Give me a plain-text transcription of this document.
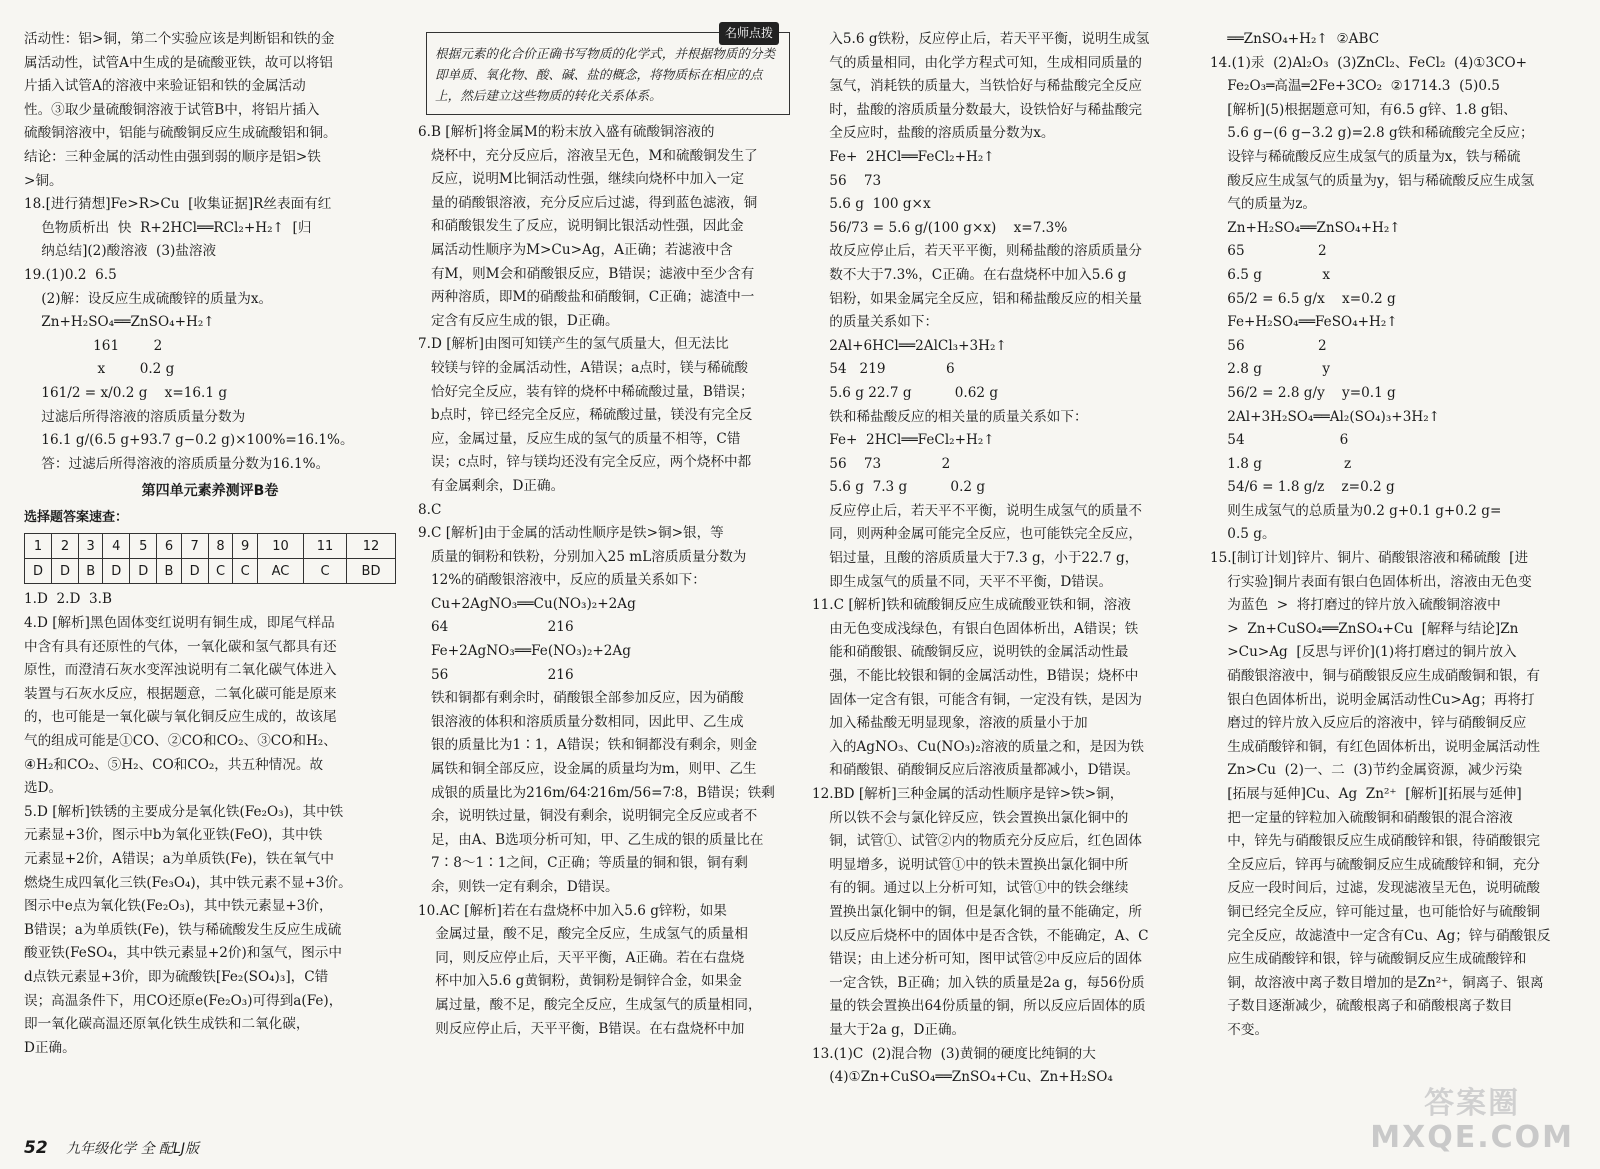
活动性：铝>铜，第二个实验应该是判断铝和铁的金

属活动性，试管A中生成的是硫酸亚铁，故可以将铝

片插入试管A的溶液中来验证铝和铁的金属活动

性。③取少量硫酸铜溶液于试管B中，将铝片插入

硫酸铜溶液中，铝能与硫酸铜反应生成硫酸铝和铜。

结论：三种金属的活动性由强到弱的顺序是铝>铁

>铜。

18.[进行猜想]Fe>R>Cu  [收集证据]R丝表面有红

色物质析出  快  R+2HCl══RCl₂+H₂↑  [归

纳总结](2)酸溶液  (3)盐溶液

19.(1)0.2  6.5

(2)解：设反应生成硫酸锌的质量为x。

Zn+H₂SO₄══ZnSO₄+H₂↑

161        2

x        0.2 g

161/2 = x/0.2 g    x=16.1 g

过滤后所得溶液的溶质质量分数为

16.1 g/(6.5 g+93.7 g−0.2 g)×100%=16.1%。

答：过滤后所得溶液的溶质质量分数为16.1%。

第四单元素养测评B卷
选择题答案速查：
1	2	3	4	5	6	7	8	9	10	11	12
D	D	B	D	D	B	D	C	C	AC	C	BD

1.D  2.D  3.B

4.D [解析]黑色固体变红说明有铜生成，即尾气样品

中含有具有还原性的气体，一氧化碳和氢气都具有还

原性，而澄清石灰水变浑浊说明有二氧化碳气体进入

装置与石灰水反应，根据题意，二氧化碳可能是原来

的，也可能是一氧化碳与氧化铜反应生成的，故该尾

气的组成可能是①CO、②CO和CO₂、③CO和H₂、

④H₂和CO₂、⑤H₂、CO和CO₂，共五种情况。故

选D。

5.D [解析]铁锈的主要成分是氧化铁(Fe₂O₃)，其中铁

元素显+3价，图示中b为氧化亚铁(FeO)，其中铁

元素显+2价，A错误；a为单质铁(Fe)，铁在氧气中

燃烧生成四氧化三铁(Fe₃O₄)，其中铁元素不显+3价。

图示中e点为氧化铁(Fe₂O₃)，其中铁元素显+3价，

B错误；a为单质铁(Fe)，铁与稀硫酸发生反应生成硫

酸亚铁(FeSO₄，其中铁元素显+2价)和氢气，图示中

d点铁元素显+3价，即为硫酸铁[Fe₂(SO₄)₃]，C错

误；高温条件下，用CO还原e(Fe₂O₃)可得到a(Fe)，

即一氧化碳高温还原氧化铁生成铁和二氧化碳，

D正确。

名师点拨
根据元素的化合价正确书写物质的化学式，并根据物质的分类即单质、氧化物、酸、碱、盐的概念，将物质标在相应的点上，然后建立这些物质的转化关系体系。

6.B [解析]将金属M的粉末放入盛有硫酸铜溶液的

烧杯中，充分反应后，溶液呈无色，M和硫酸铜发生了

反应，说明M比铜活动性强，继续向烧杯中加入一定

量的硝酸银溶液，充分反应后过滤，得到蓝色滤液，铜

和硝酸银发生了反应，说明铜比银活动性强，因此金

属活动性顺序为M>Cu>Ag，A正确；若滤液中含

有M，则M会和硝酸银反应，B错误；滤液中至少含有

两种溶质，即M的硝酸盐和硝酸铜，C正确；滤渣中一

定含有反应生成的银，D正确。

7.D [解析]由图可知镁产生的氢气质量大，但无法比

较镁与锌的金属活动性，A错误；a点时，镁与稀硫酸

恰好完全反应，装有锌的烧杯中稀硫酸过量，B错误；

b点时，锌已经完全反应，稀硫酸过量，镁没有完全反

应，金属过量，反应生成的氢气的质量不相等，C错

误；c点时，锌与镁均还没有完全反应，两个烧杯中都

有金属剩余，D正确。

8.C

9.C [解析]由于金属的活动性顺序是铁>铜>银，等

质量的铜粉和铁粉，分别加入25 mL溶质质量分数为

12%的硝酸银溶液中，反应的质量关系如下：

Cu+2AgNO₃══Cu(NO₃)₂+2Ag

64                       216

Fe+2AgNO₃══Fe(NO₃)₂+2Ag

56                       216

铁和铜都有剩余时，硝酸银全部参加反应，因为硝酸

银溶液的体积和溶质质量分数相同，因此甲、乙生成

银的质量比为1∶1，A错误；铁和铜都没有剩余，则金

属铁和铜全部反应，设金属的质量均为m，则甲、乙生

成银的质量比为216m/64∶216m/56=7∶8，B错误；铁剩

余，说明铁过量，铜没有剩余，说明铜完全反应或者不

足，由A、B选项分析可知，甲、乙生成的银的质量比在

7∶8～1∶1之间，C正确；等质量的铜和银，铜有剩

余，则铁一定有剩余，D错误。

10.AC [解析]若在右盘烧杯中加入5.6 g锌粉，如果

金属过量，酸不足，酸完全反应，生成氢气的质量相

同，则反应停止后，天平平衡，A正确。若在右盘烧

杯中加入5.6 g黄铜粉，黄铜粉是铜锌合金，如果金

属过量，酸不足，酸完全反应，生成氢气的质量相同，

则反应停止后，天平平衡，B错误。在右盘烧杯中加

入5.6 g铁粉，反应停止后，若天平平衡，说明生成氢

气的质量相同，由化学方程式可知，生成相同质量的

氢气，消耗铁的质量大，当铁恰好与稀盐酸完全反应

时，盐酸的溶质质量分数最大，设铁恰好与稀盐酸完

全反应时，盐酸的溶质质量分数为x。

Fe+  2HCl══FeCl₂+H₂↑

56    73

5.6 g  100 g×x

56/73 = 5.6 g/(100 g×x)    x=7.3%

故反应停止后，若天平平衡，则稀盐酸的溶质质量分

数不大于7.3%，C正确。在右盘烧杯中加入5.6 g

铝粉，如果金属完全反应，铝和稀盐酸反应的相关量

的质量关系如下：

2Al+6HCl══2AlCl₃+3H₂↑

54   219              6

5.6 g 22.7 g          0.62 g

铁和稀盐酸反应的相关量的质量关系如下：

Fe+  2HCl══FeCl₂+H₂↑

56    73              2

5.6 g  7.3 g          0.2 g

反应停止后，若天平不平衡，说明生成氢气的质量不

同，则两种金属可能完全反应，也可能铁完全反应，

铝过量，且酸的溶质质量大于7.3 g，小于22.7 g，

即生成氢气的质量不同，天平不平衡，D错误。

11.C [解析]铁和硫酸铜反应生成硫酸亚铁和铜，溶液

由无色变成浅绿色，有银白色固体析出，A错误；铁

能和硝酸银、硫酸铜反应，说明铁的金属活动性最

强，不能比较银和铜的金属活动性，B错误；烧杯中

固体一定含有银，可能含有铜，一定没有铁，是因为

加入稀盐酸无明显现象，溶液的质量小于加

入的AgNO₃、Cu(NO₃)₂溶液的质量之和，是因为铁

和硝酸银、硝酸铜反应后溶液质量都减小，D错误。

12.BD [解析]三种金属的活动性顺序是锌>铁>铜，

所以铁不会与氯化锌反应，铁会置换出氯化铜中的

铜，试管①、试管②内的物质充分反应后，红色固体

明显增多，说明试管①中的铁未置换出氯化铜中所

有的铜。通过以上分析可知，试管①中的铁会继续

置换出氯化铜中的铜，但是氯化铜的量不能确定，所

以反应后烧杯中的固体中是否含铁，不能确定，A、C

错误；由上述分析可知，图甲试管②中反应后的固体

一定含铁，B正确；加入铁的质量是2a g，每56份质

量的铁会置换出64份质量的铜，所以反应后固体的质

量大于2a g，D正确。

13.(1)C  (2)混合物  (3)黄铜的硬度比纯铜的大

(4)①Zn+CuSO₄══ZnSO₄+Cu、Zn+H₂SO₄

══ZnSO₄+H₂↑  ②ABC

14.(1)汞  (2)Al₂O₃  (3)ZnCl₂、FeCl₂  (4)①3CO+

Fe₂O₃═高温═2Fe+3CO₂  ②1714.3  (5)0.5

[解析](5)根据题意可知，有6.5 g锌、1.8 g铝、

5.6 g−(6 g−3.2 g)=2.8 g铁和稀硫酸完全反应；

设锌与稀硫酸反应生成氢气的质量为x，铁与稀硫

酸反应生成氢气的质量为y，铝与稀硫酸反应生成氢

气的质量为z。

Zn+H₂SO₄══ZnSO₄+H₂↑

65                 2

6.5 g              x

65/2 = 6.5 g/x    x=0.2 g

Fe+H₂SO₄══FeSO₄+H₂↑

56                 2

2.8 g              y

56/2 = 2.8 g/y    y=0.1 g

2Al+3H₂SO₄══Al₂(SO₄)₃+3H₂↑

54                      6

1.8 g                   z

54/6 = 1.8 g/z    z=0.2 g

则生成氢气的总质量为0.2 g+0.1 g+0.2 g=

0.5 g。

15.[制订计划]锌片、铜片、硝酸银溶液和稀硫酸  [进

行实验]铜片表面有银白色固体析出，溶液由无色变

为蓝色  >  将打磨过的锌片放入硫酸铜溶液中

>  Zn+CuSO₄══ZnSO₄+Cu  [解释与结论]Zn

>Cu>Ag  [反思与评价](1)将打磨过的铜片放入

硝酸银溶液中，铜与硝酸银反应生成硝酸铜和银，有

银白色固体析出，说明金属活动性Cu>Ag；再将打

磨过的锌片放入反应后的溶液中，锌与硝酸铜反应

生成硝酸锌和铜，有红色固体析出，说明金属活动性

Zn>Cu  (2)一、二  (3)节约金属资源，减少污染

[拓展与延伸]Cu、Ag  Zn²⁺  [解析][拓展与延伸]

把一定量的锌粒加入硫酸铜和硝酸银的混合溶液

中，锌先与硝酸银反应生成硝酸锌和银，待硝酸银完

全反应后，锌再与硫酸铜反应生成硫酸锌和铜，充分

反应一段时间后，过滤，发现滤液呈无色，说明硫酸

铜已经完全反应，锌可能过量，也可能恰好与硫酸铜

完全反应，故滤渣中一定含有Cu、Ag；锌与硝酸银反

应生成硝酸锌和银，锌与硫酸铜反应生成硫酸锌和

铜，故溶液中离子数目增加的是Zn²⁺，铜离子、银离

子数目逐渐减少，硫酸根离子和硝酸根离子数目

不变。

52 九年级化学 全 配LJ版
答案圈
MXQE.COM
